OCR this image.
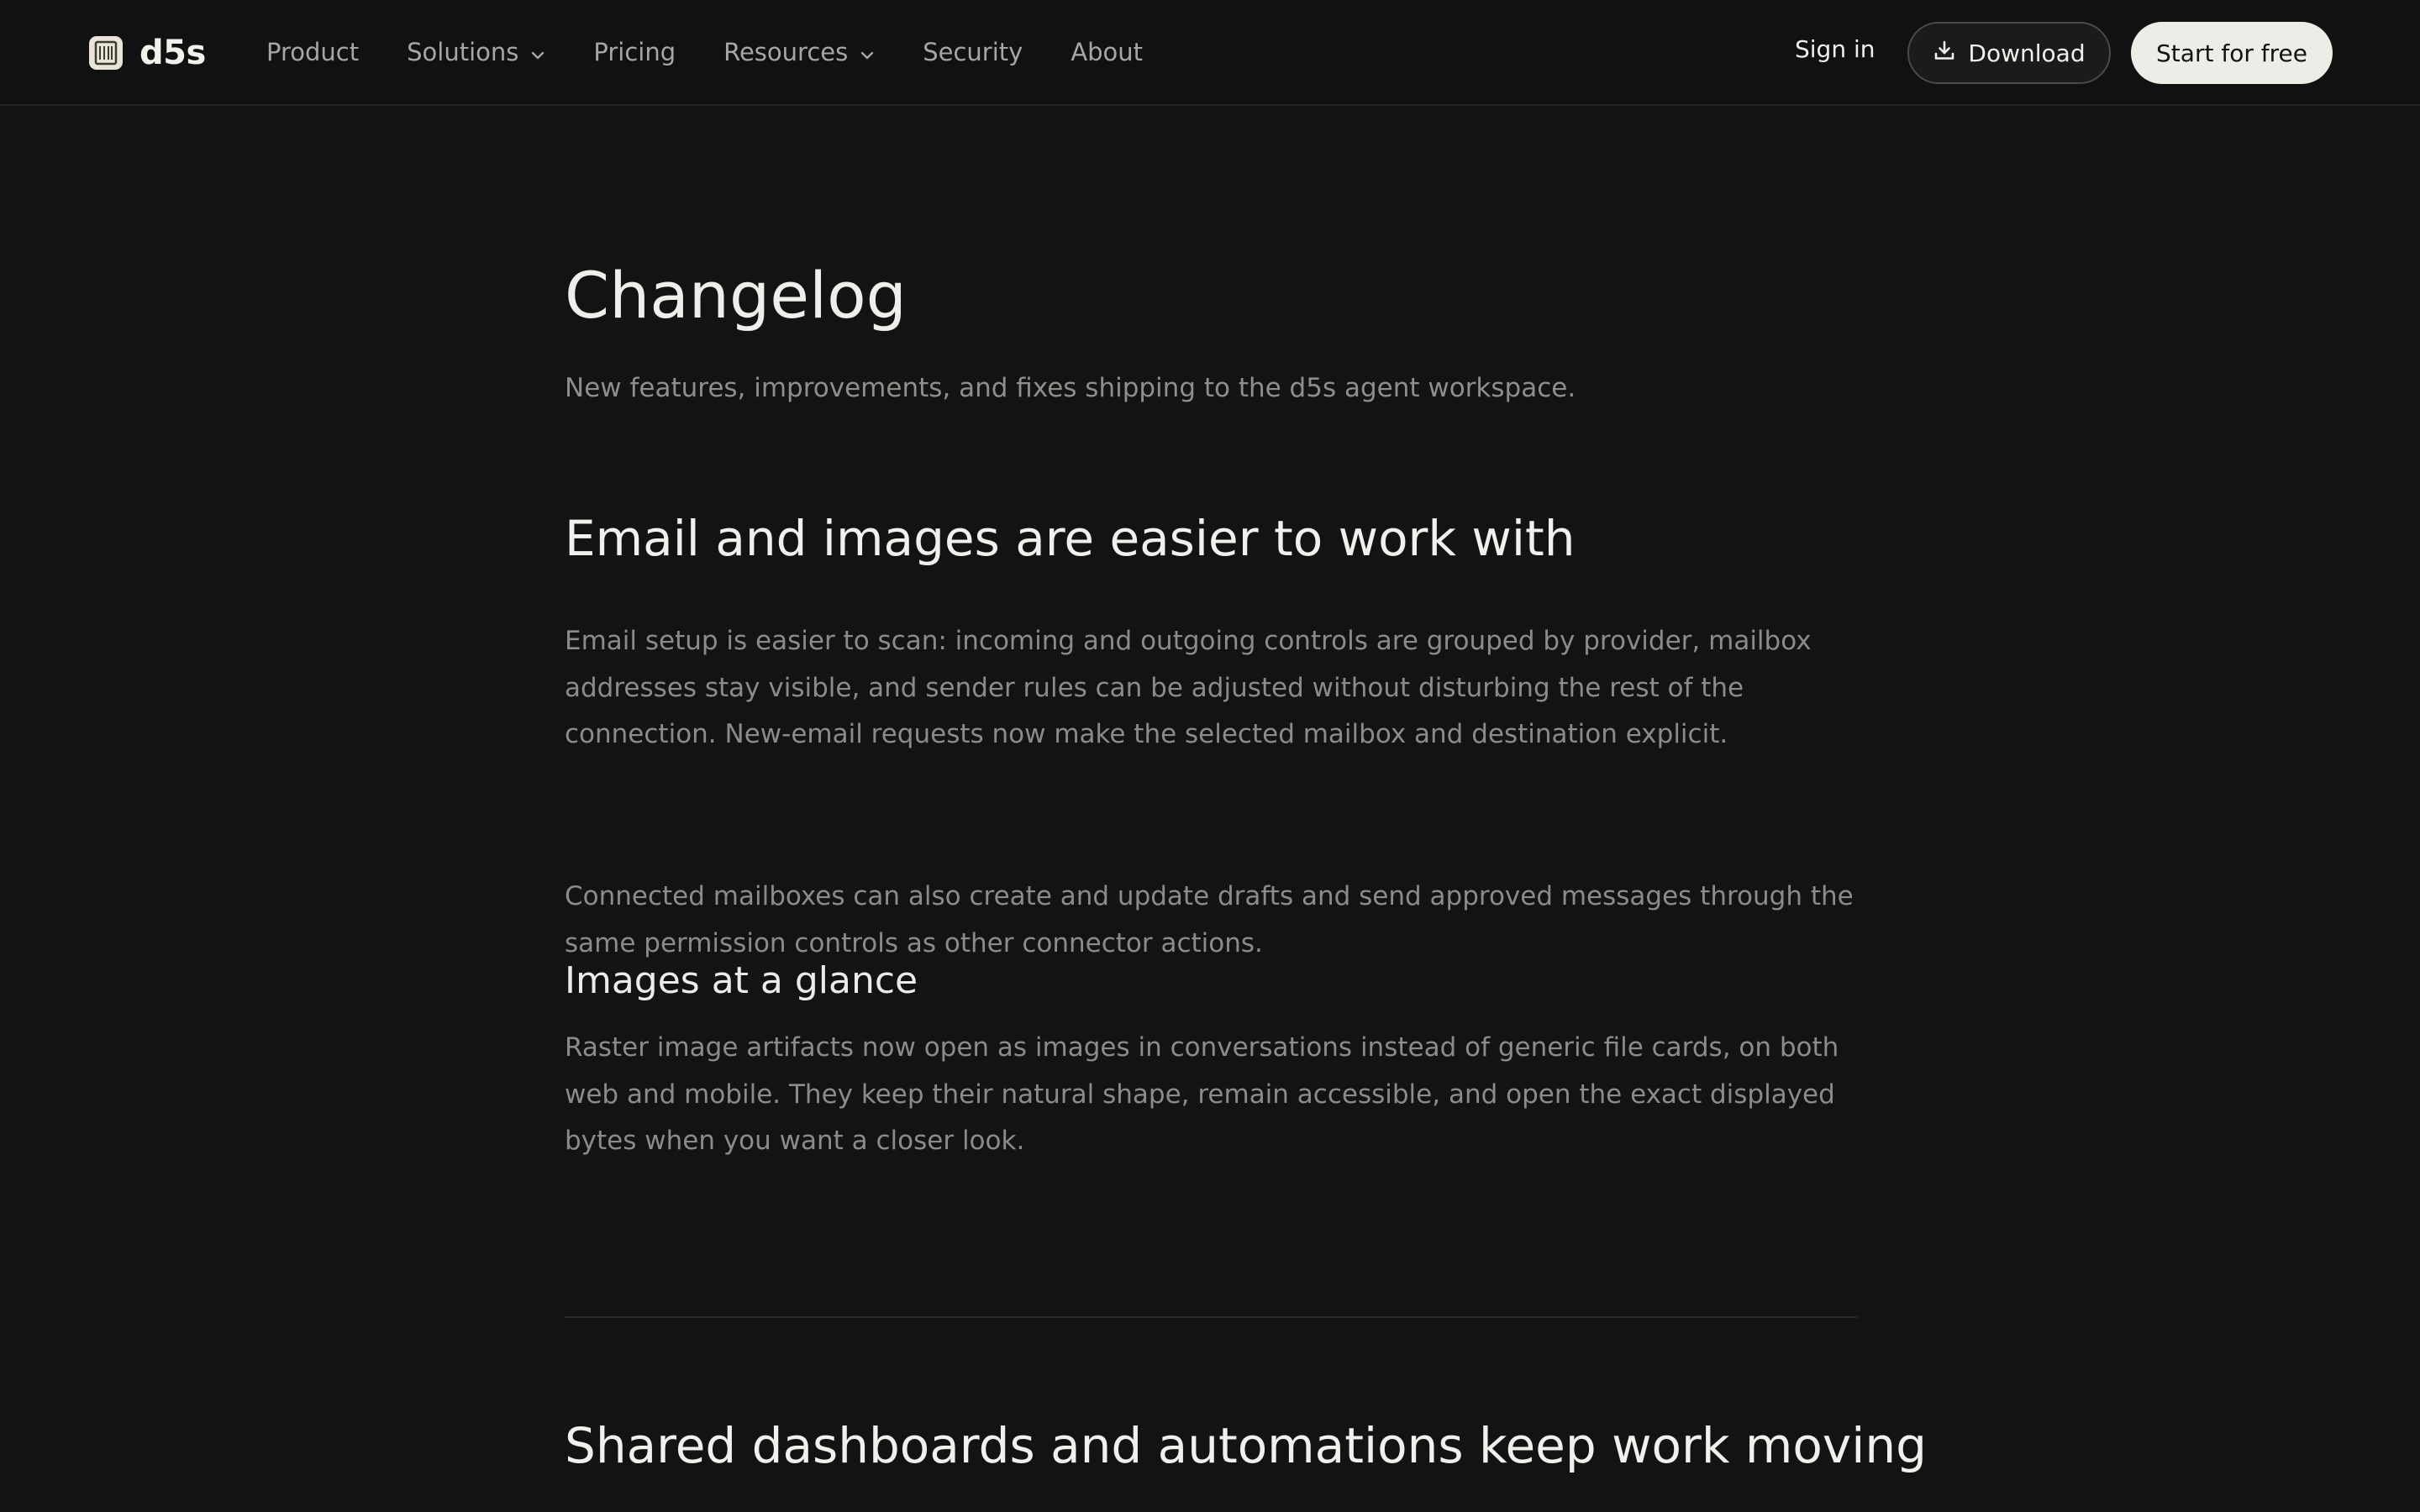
d5s Product Solutions	Pricing Resources	Security About	Sign in	Download	Start for free
Changelog

New features, improvements, and fixes shipping to the d5s agent workspace.

Email and images are easier to work with

Email setup is easier to scan: incoming and outgoing controls are grouped by provider, mailbox addresses stay visible, and sender rules can be adjusted without disturbing the rest of the connection. New-email requests now make the selected mailbox and destination explicit.

Connected mailboxes can also create and update drafts and send approved messages through the same permission controls as other connector actions.

Images at a glance

Raster image artifacts now open as images in conversations instead of generic file cards, on both web and mobile. They keep their natural shape, remain accessible, and open the exact displayed bytes when you want a closer look.

Shared dashboards and automations keep work moving
